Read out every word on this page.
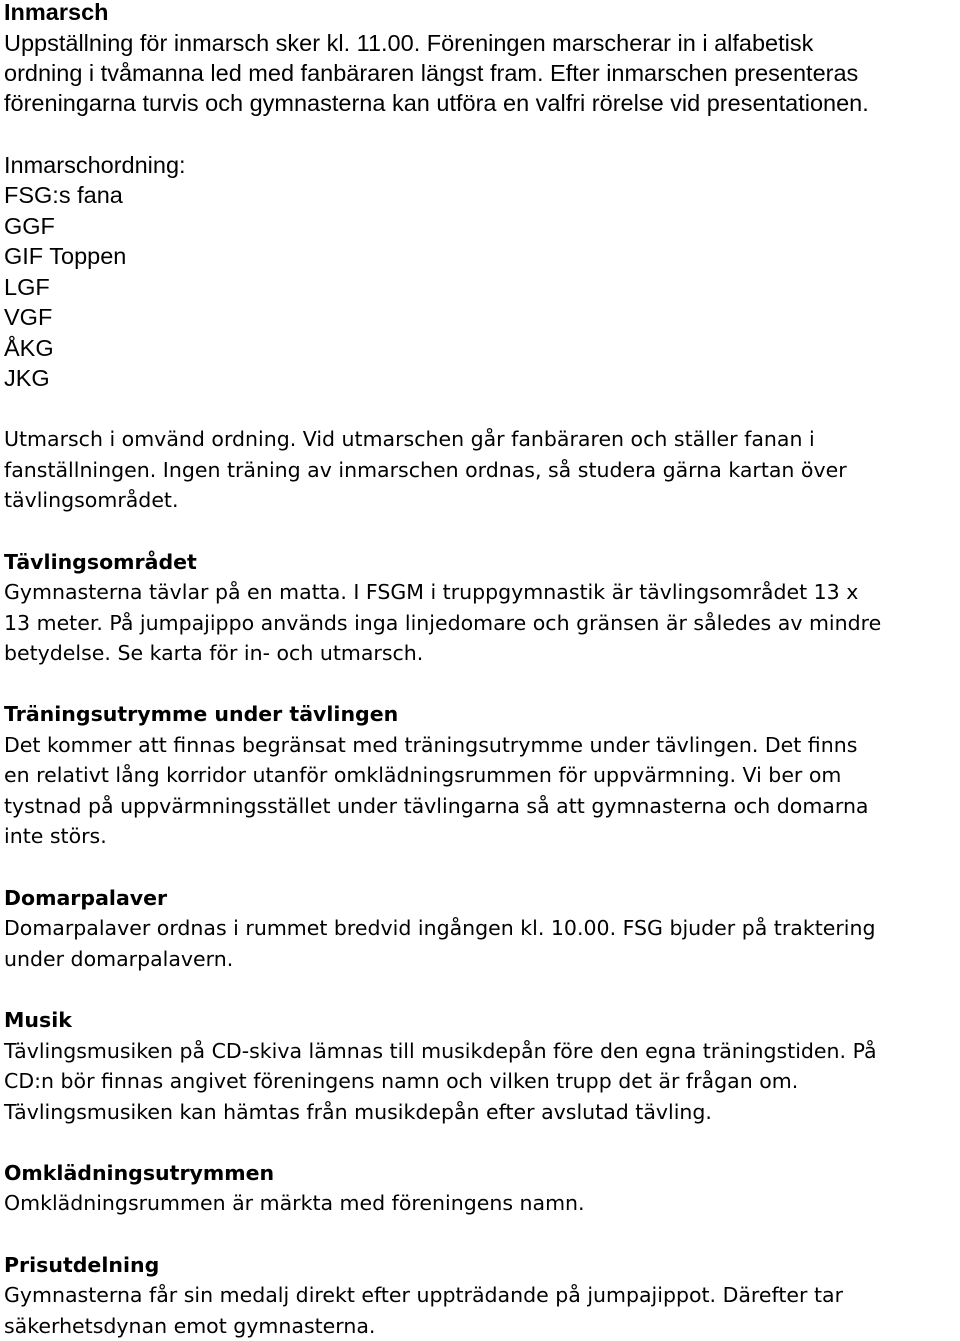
Inmarsch

Uppställning för inmarsch sker kl. 11.00. Föreningen marscherar in i alfabetisk

ordning i tvåmanna led med fanbäraren längst fram. Efter inmarschen presenteras

föreningarna turvis och gymnasterna kan utföra en valfri rörelse vid presentationen.

Inmarschordning:

FSG:s fana
GGF
GIF Toppen
LGF
VGF
ÅKG
JKG

Utmarsch i omvänd ordning. Vid utmarschen går fanbäraren och ställer fanan i

fanställningen. Ingen träning av inmarschen ordnas, så studera gärna kartan över

tävlingsområdet.

Tävlingsområdet

Gymnasterna tävlar på en matta. I FSGM i truppgymnastik är tävlingsområdet 13 x

13 meter. På jumpajippo används inga linjedomare och gränsen är således av mindre

betydelse. Se karta för in- och utmarsch.

Träningsutrymme under tävlingen

Det kommer att finnas begränsat med träningsutrymme under tävlingen. Det finns

en relativt lång korridor utanför omklädningsrummen för uppvärmning. Vi ber om

tystnad på uppvärmningsstället under tävlingarna så att gymnasterna och domarna

inte störs.

Domarpalaver

Domarpalaver ordnas i rummet bredvid ingången kl. 10.00. FSG bjuder på traktering

under domarpalavern.

Musik

Tävlingsmusiken på CD-skiva lämnas till musikdepån före den egna träningstiden. På

CD:n bör finnas angivet föreningens namn och vilken trupp det är frågan om.

Tävlingsmusiken kan hämtas från musikdepån efter avslutad tävling.

Omklädningsutrymmen

Omklädningsrummen är märkta med föreningens namn.

Prisutdelning

Gymnasterna får sin medalj direkt efter uppträdande på jumpajippot. Därefter tar

säkerhetsdynan emot gymnasterna.
